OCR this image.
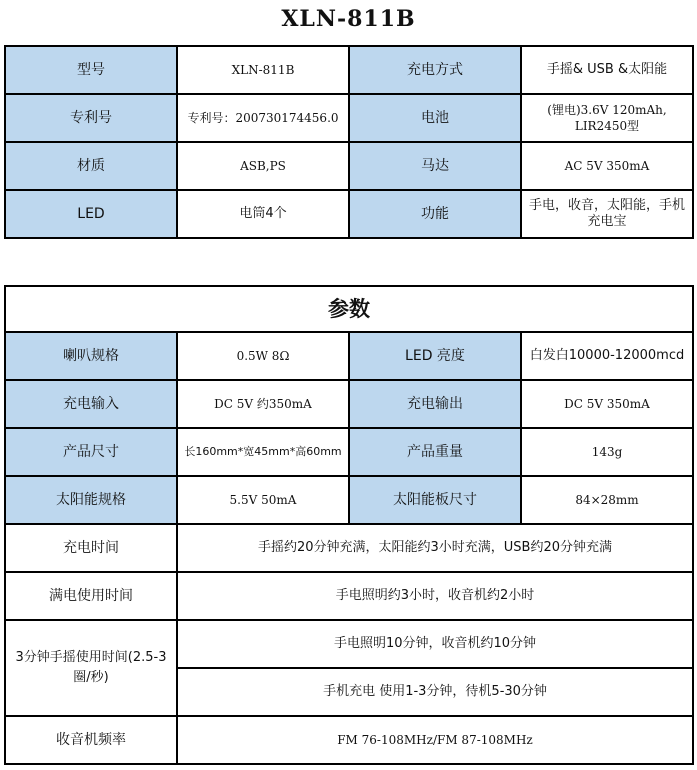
XLN-811B
型号	XLN-811B	充电方式	手摇& USB &太阳能
专利号	专利号：200730174456.0	电池	(锂电)3.6V 120mAh, LIR2450型
材质	ASB,PS	马达	AC 5V 350mA
LED	电筒4个	功能	手电，收音，太阳能，手机充电宝
参数			
喇叭规格	0.5W 8Ω	LED 亮度	白发白10000-12000mcd
充电输入	DC 5V 约350mA	充电输出	DC 5V 350mA
产品尺寸	长160mm*宽45mm*高60mm	产品重量	143g
太阳能规格	5.5V 50mA	太阳能板尺寸	84×28mm
充电时间	手摇约20分钟充满，太阳能约3小时充满，USB约20分钟充满		
满电使用时间	手电照明约3小时，收音机约2小时		
3分钟手摇使用时间(2.5-3圈/秒)	手电照明10分钟，收音机约10分钟		
	手机充电 使用1-3分钟，待机5-30分钟		
收音机频率	FM 76-108MHz/FM 87-108MHz		
